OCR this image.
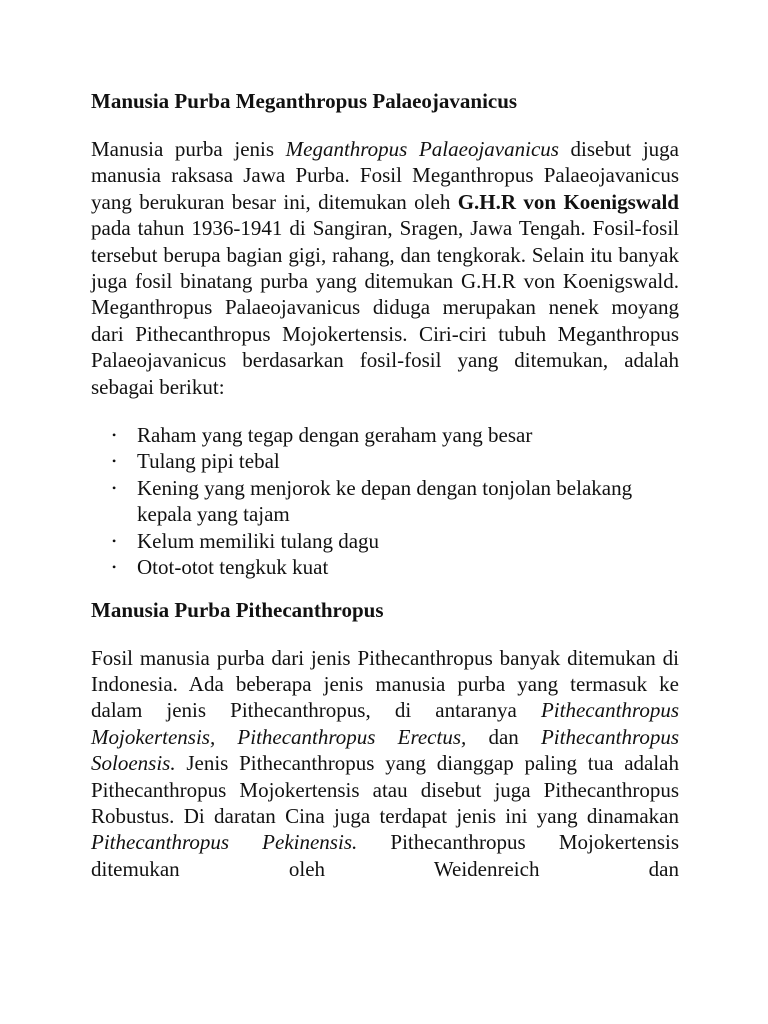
Manusia Purba Meganthropus Palaeojavanicus

Manusia purba jenis Meganthropus Palaeojavanicus disebut juga manusia raksasa Jawa Purba. Fosil Meganthropus Palaeojavanicus yang berukuran besar ini, ditemukan oleh G.H.R von Koenigswald pada tahun 1936-1941 di Sangiran, Sragen, Jawa Tengah. Fosil-fosil tersebut berupa bagian gigi, rahang, dan tengkorak. Selain itu banyak juga fosil binatang purba yang ditemukan G.H.R von Koenigswald. Meganthropus Palaeojavanicus diduga merupakan nenek moyang dari Pithecanthropus Mojokertensis. Ciri-ciri tubuh Meganthropus Palaeojavanicus berdasarkan fosil-fosil yang ditemukan, adalah sebagai berikut:

• Raham yang tegap dengan geraham yang besar
• Tulang pipi tebal
• Kening yang menjorok ke depan dengan tonjolan belakang kepala yang tajam
• Kelum memiliki tulang dagu
• Otot-otot tengkuk kuat
Manusia Purba Pithecanthropus

Fosil manusia purba dari jenis Pithecanthropus banyak ditemukan di Indonesia. Ada beberapa jenis manusia purba yang termasuk ke dalam jenis Pithecanthropus, di antaranya Pithecanthropus Mojokertensis, Pithecanthropus Erectus, dan Pithecanthropus Soloensis. Jenis Pithecanthropus yang dianggap paling tua adalah Pithecanthropus Mojokertensis atau disebut juga Pithecanthropus Robustus. Di daratan Cina juga terdapat jenis ini yang dinamakan Pithecanthropus Pekinensis. Pithecanthropus Mojokertensis ditemukan oleh Weidenreich dan
